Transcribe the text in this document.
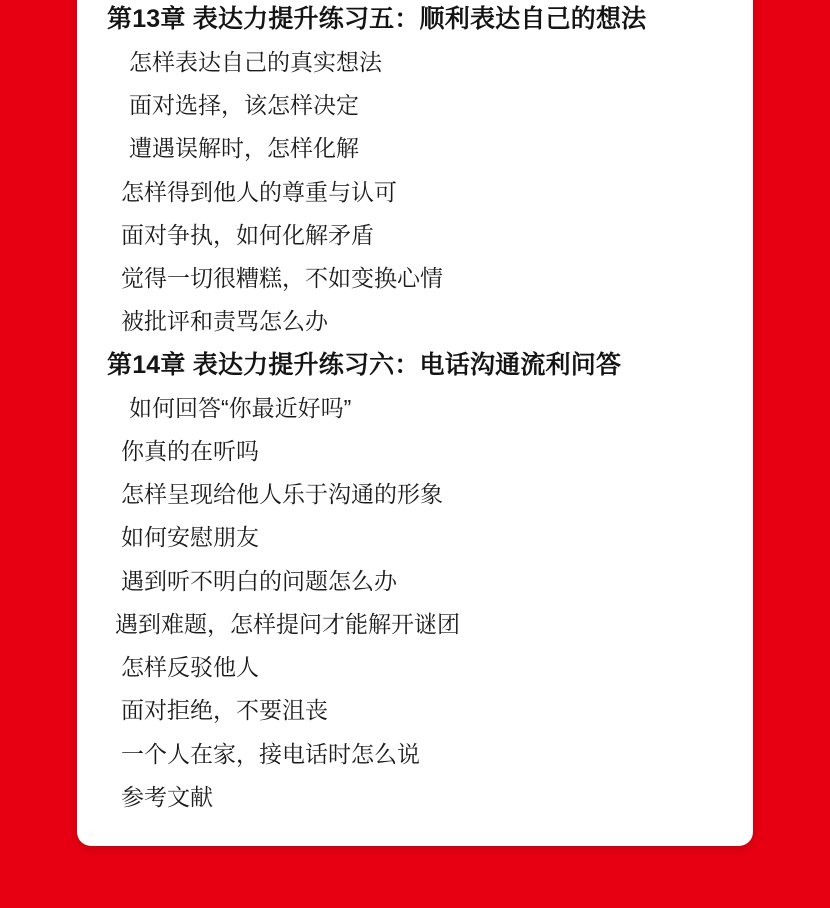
第13章 表达力提升练习五：顺利表达自己的想法
怎样表达自己的真实想法
面对选择，该怎样决定
遭遇误解时，怎样化解
怎样得到他人的尊重与认可
面对争执，如何化解矛盾
觉得一切很糟糕，不如变换心情
被批评和责骂怎么办
第14章 表达力提升练习六：电话沟通流利问答
如何回答“你最近好吗”
你真的在听吗
怎样呈现给他人乐于沟通的形象
如何安慰朋友
遇到听不明白的问题怎么办
遇到难题，怎样提问才能解开谜团
怎样反驳他人
面对拒绝，不要沮丧
一个人在家，接电话时怎么说
参考文献
